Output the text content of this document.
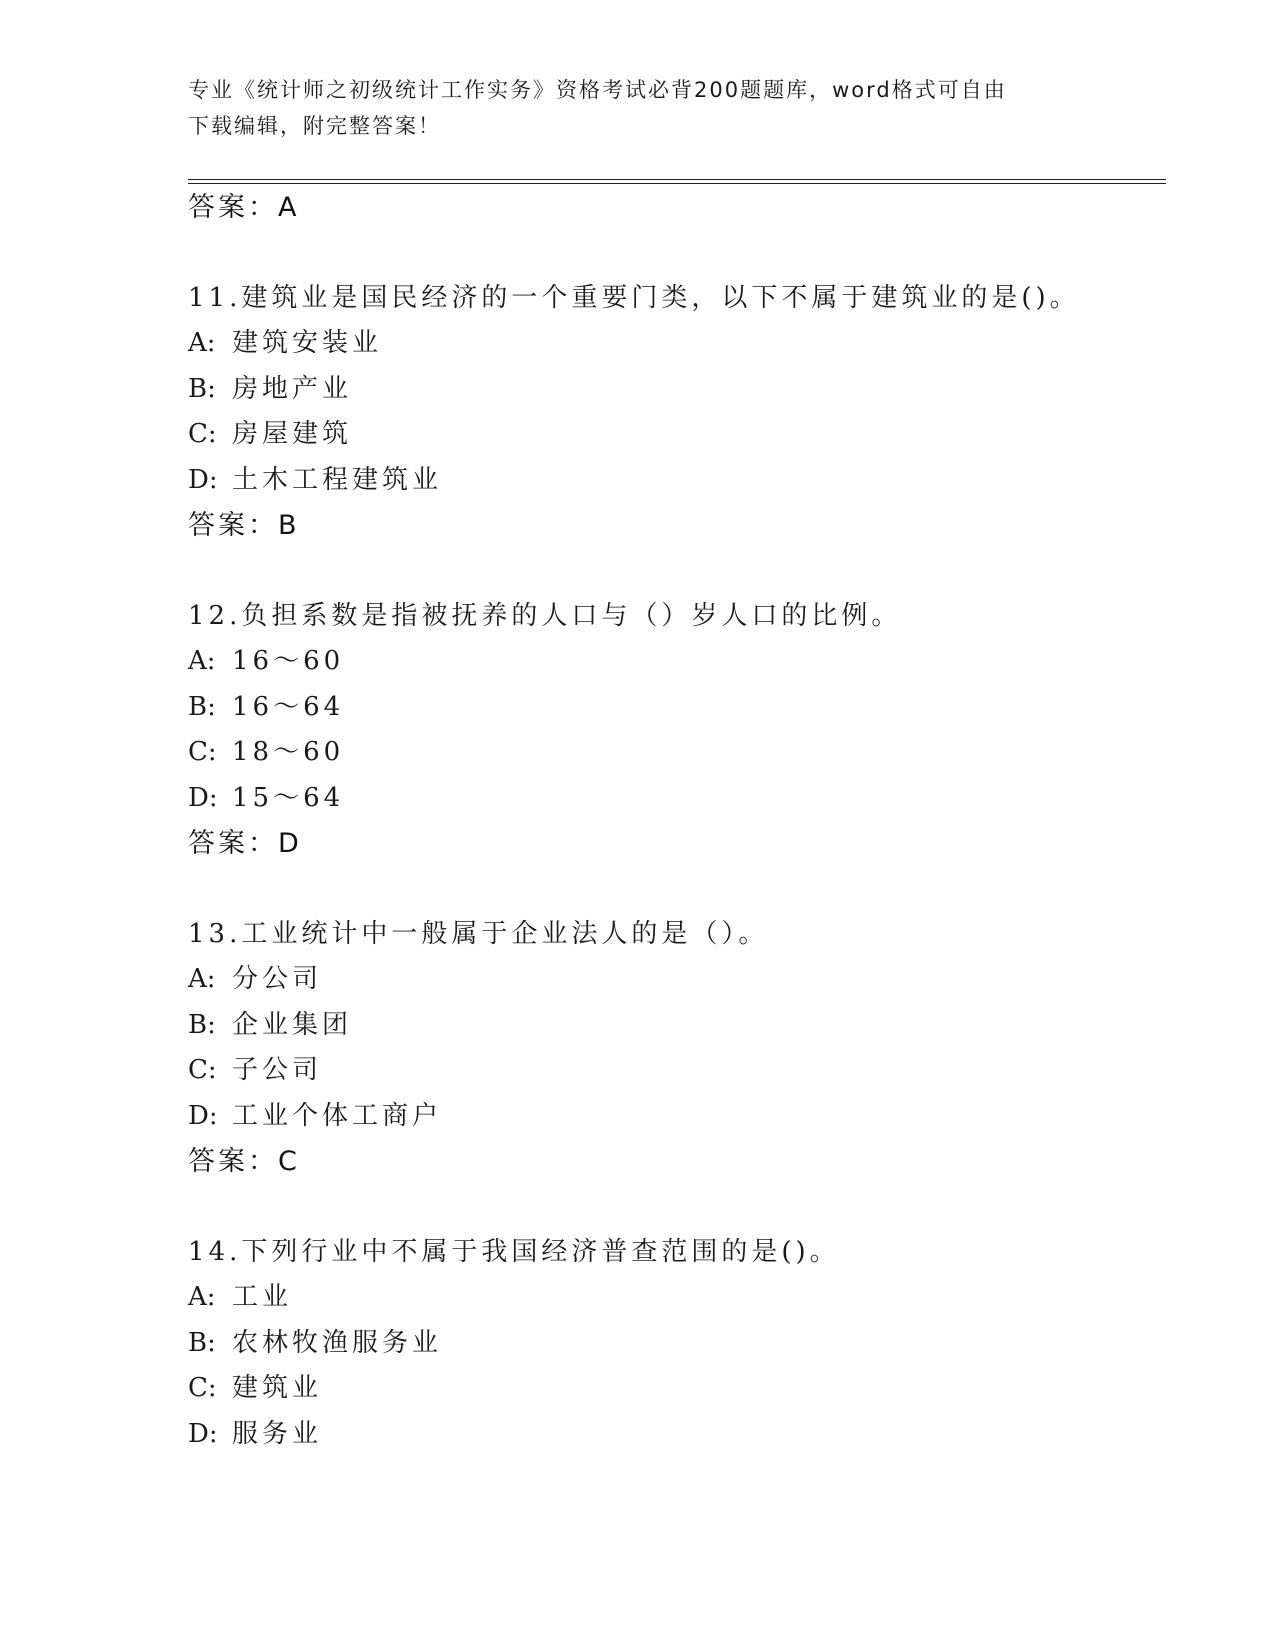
专业《统计师之初级统计工作实务》资格考试必背200题题库，word格式可自由
下载编辑，附完整答案！
答案：A
11.建筑业是国民经济的一个重要门类，以下不属于建筑业的是()。
A: 建筑安装业
B: 房地产业
C: 房屋建筑
D: 土木工程建筑业
答案：B
12.负担系数是指被抚养的人口与（）岁人口的比例。
A: 16～60
B: 16～64
C: 18～60
D: 15～64
答案：D
13.工业统计中一般属于企业法人的是（）。
A: 分公司
B: 企业集团
C: 子公司
D: 工业个体工商户
答案：C
14.下列行业中不属于我国经济普查范围的是()。
A: 工业
B: 农林牧渔服务业
C: 建筑业
D: 服务业
